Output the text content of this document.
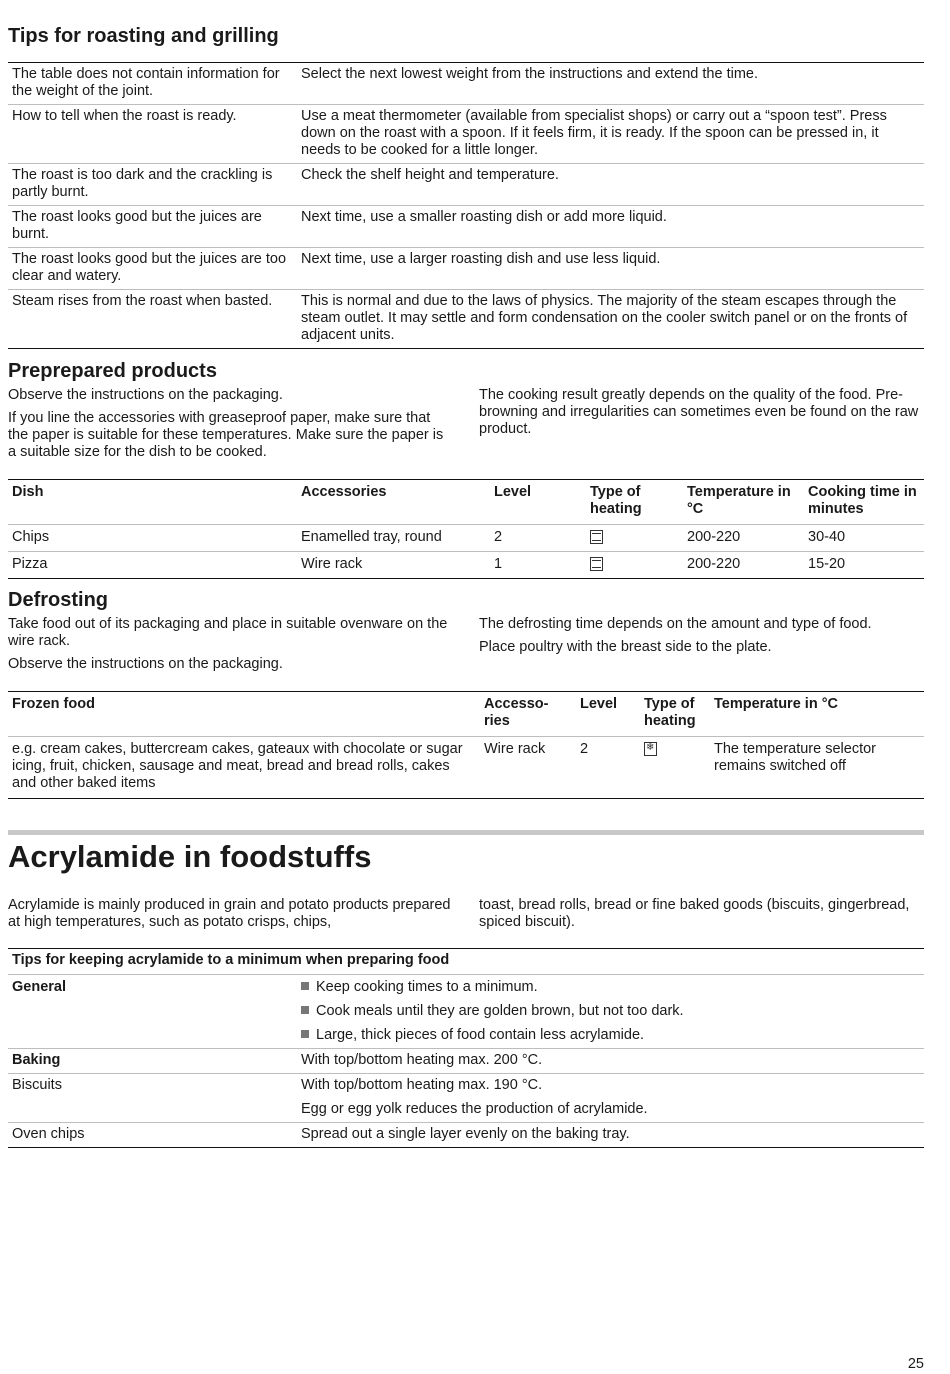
Tips for roasting and grilling
The table does not contain information for the weight of the joint.	Select the next lowest weight from the instructions and extend the time.
How to tell when the roast is ready.	Use a meat thermometer (available from specialist shops) or carry out a “spoon test”. Press down on the roast with a spoon. If it feels firm, it is ready. If the spoon can be pressed in, it needs to be cooked for a little longer.
The roast is too dark and the crackling is partly burnt.	Check the shelf height and temperature.
The roast looks good but the juices are burnt.	Next time, use a smaller roasting dish or add more liquid.
The roast looks good but the juices are too clear and watery.	Next time, use a larger roasting dish and use less liquid.
Steam rises from the roast when basted.	This is normal and due to the laws of physics. The majority of the steam escapes through the steam outlet. It may settle and form condensation on the cooler switch panel or on the fronts of adjacent units.
Preprepared products

Observe the instructions on the packaging.

If you line the accessories with greaseproof paper, make sure that the paper is suitable for these temperatures. Make sure the paper is a suitable size for the dish to be cooked.

The cooking result greatly depends on the quality of the food. Pre-browning and irregularities can sometimes even be found on the raw product.

Dish	Accessories	Level	Type of heating	Temperature in °C	Cooking time in minutes
Chips	Enamelled tray, round	2		200-220	30-40
Pizza	Wire rack	1		200-220	15-20
Defrosting

Take food out of its packaging and place in suitable ovenware on the wire rack.

Observe the instructions on the packaging.

The defrosting time depends on the amount and type of food.

Place poultry with the breast side to the plate.

Frozen food	Accesso-ries	Level	Type of heating	Temperature in °C
e.g. cream cakes, buttercream cakes, gateaux with chocolate or sugar icing, fruit, chicken, sausage and meat, bread and bread rolls, cakes and other baked items	Wire rack	2	❄	The temperature selector remains switched off
Acrylamide in foodstuffs

Acrylamide is mainly produced in grain and potato products prepared at high temperatures, such as potato crisps, chips,

toast, bread rolls, bread or fine baked goods (biscuits, gingerbread, spiced biscuit).

Tips for keeping acrylamide to a minimum when preparing food	
General	Keep cooking times to a minimum.
Cook meals until they are golden brown, but not too dark.
Large, thick pieces of food contain less acrylamide.

Baking	With top/bottom heating max. 200 °C.
Biscuits	With top/bottom heating max. 190 °C.
Egg or egg yolk reduces the production of acrylamide.

Oven chips	Spread out a single layer evenly on the baking tray.
25
